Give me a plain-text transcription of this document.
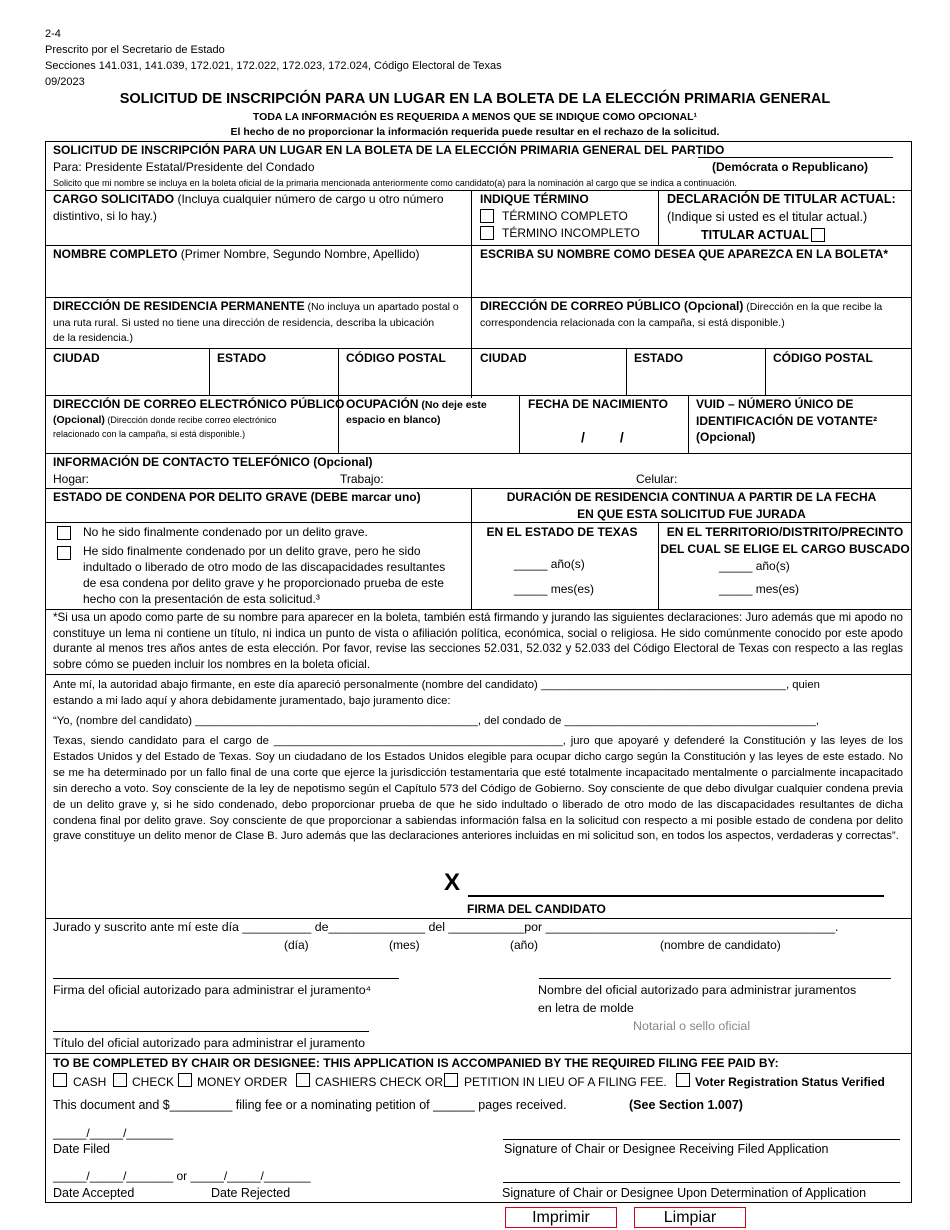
2-4
Prescrito por el Secretario de Estado
Secciones 141.031, 141.039, 172.021, 172.022, 172.023, 172.024, Código Electoral de Texas
09/2023
SOLICITUD DE INSCRIPCIÓN PARA UN LUGAR EN LA BOLETA DE LA ELECCIÓN PRIMARIA GENERAL
TODA LA INFORMACIÓN ES REQUERIDA A MENOS QUE SE INDIQUE COMO OPCIONAL¹
El hecho de no proporcionar la información requerida puede resultar en el rechazo de la solicitud.
SOLICITUD DE INSCRIPCIÓN PARA UN LUGAR EN LA BOLETA DE LA ELECCIÓN PRIMARIA GENERAL DEL PARTIDO
(Demócrata o Republicano)
Para: Presidente Estatal/Presidente del Condado
Solicito que mi nombre se incluya en la boleta oficial de la primaria mencionada anteriormente como candidato(a) para la nominación al cargo que se indica a continuación.
CARGO SOLICITADO (Incluya cualquier número de cargo u otro número
distintivo, si lo hay.)
INDIQUE TÉRMINO
TÉRMINO COMPLETO
TÉRMINO INCOMPLETO
DECLARACIÓN DE TITULAR ACTUAL:
(Indique si usted es el titular actual.)
TITULAR ACTUAL
NOMBRE COMPLETO (Primer Nombre, Segundo Nombre, Apellido)	ESCRIBA SU NOMBRE COMO DESEA QUE APAREZCA EN LA BOLETA*
DIRECCIÓN DE RESIDENCIA PERMANENTE (No incluya un apartado postal o
una ruta rural. Si usted no tiene una dirección de residencia, describa la ubicación
de la residencia.)
DIRECCIÓN DE CORREO PÚBLICO (Opcional) (Dirección en la que recibe la
correspondencia relacionada con la campaña, si está disponible.)
CIUDAD	ESTADO	CÓDIGO POSTAL	CIUDAD	ESTADO	CÓDIGO POSTAL
DIRECCIÓN DE CORREO ELECTRÓNICO PÚBLICO
(Opcional) (Dirección donde recibe correo electrónico
relacionado con la campaña, si está disponible.)
OCUPACIÓN (No deje este
espacio en blanco)
FECHA DE NACIMIENTO
/         /
VUID – NÚMERO ÚNICO DE
IDENTIFICACIÓN DE VOTANTE²
(Opcional)
INFORMACIÓN DE CONTACTO TELEFÓNICO (Opcional)
Hogar:	Trabajo:	Celular:
ESTADO DE CONDENA POR DELITO GRAVE (DEBE marcar uno)	DURACIÓN DE RESIDENCIA CONTINUA A PARTIR DE LA FECHA
EN QUE ESTA SOLICITUD FUE JURADA
No he sido finalmente condenado por un delito grave.
He sido finalmente condenado por un delito grave, pero he sido
indultado o liberado de otro modo de las discapacidades resultantes
de esa condena por delito grave y he proporcionado prueba de este
hecho con la presentación de esta solicitud.³
EN EL ESTADO DE TEXAS
_____ año(s)
_____ mes(es)
EN EL TERRITORIO/DISTRITO/PRECINTO
DEL CUAL SE ELIGE EL CARGO BUSCADO
_____ año(s)
_____ mes(es)
*Si usa un apodo como parte de su nombre para aparecer en la boleta, también está firmando y jurando las siguientes declaraciones: Juro además que mi apodo no constituye un lema ni contiene un título, ni indica un punto de vista o afiliación política, económica, social o religiosa. He sido comúnmente conocido por este apodo durante al menos tres años antes de esta elección. Por favor, revise las secciones 52.031, 52.032 y 52.033 del Código Electoral de Texas con respecto a las reglas sobre cómo se pueden incluir los nombres en la boleta oficial.
Ante mí, la autoridad abajo firmante, en este día apareció personalmente (nombre del candidato) _______________________________________, quien
estando a mi lado aquí y ahora debidamente juramentado, bajo juramento dice:
“Yo, (nombre del candidato) _____________________________________________, del condado de ________________________________________,
Texas, siendo candidato para el cargo de ______________________________________________, juro que apoyaré y defenderé la Constitución y las leyes de los Estados Unidos y del Estado de Texas. Soy un ciudadano de los Estados Unidos elegible para ocupar dicho cargo según la Constitución y las leyes de este estado. No se me ha determinado por un fallo final de una corte que ejerce la jurisdicción testamentaria que esté totalmente incapacitado mentalmente o parcialmente incapacitado sin derecho a voto. Soy consciente de la ley de nepotismo según el Capítulo 573 del Código de Gobierno. Soy consciente de que debo divulgar cualquier condena previa de un delito grave y, si he sido condenado, debo proporcionar prueba de que he sido indultado o liberado de otro modo de las discapacidades resultantes de dicha condena final por delito grave. Soy consciente de que proporcionar a sabiendas información falsa en la solicitud con respecto a mi posible estado de condena por delito grave constituye un delito menor de Clase B. Juro además que las declaraciones anteriores incluidas en mi solicitud son, en todos los aspectos, verdaderas y correctas”.
X
FIRMA DEL CANDIDATO
Jurado y suscrito ante mí este día __________ de______________ del ___________por __________________________________________.
(día)	(mes)	(año)	(nombre de candidato)
Firma del oficial autorizado para administrar el juramento⁴	Nombre del oficial autorizado para administrar juramentos
en letra de molde
Notarial o sello oficial
Título del oficial autorizado para administrar el juramento
TO BE COMPLETED BY CHAIR OR DESIGNEE: THIS APPLICATION IS ACCOMPANIED BY THE REQUIRED FILING FEE PAID BY:
CASH CHECK MONEY ORDER CASHIERS CHECK OR PETITION IN LIEU OF A FILING FEE. Voter Registration Status Verified
This document and $_________ filing fee or a nominating petition of ______ pages received.	(See Section 1.007)
_____/_____/_______
Date Filed	Signature of Chair or Designee Receiving Filed Application
_____/_____/_______ or _____/_____/_______
Date Accepted	Date Rejected	Signature of Chair or Designee Upon Determination of Application
Imprimir	Limpiar
